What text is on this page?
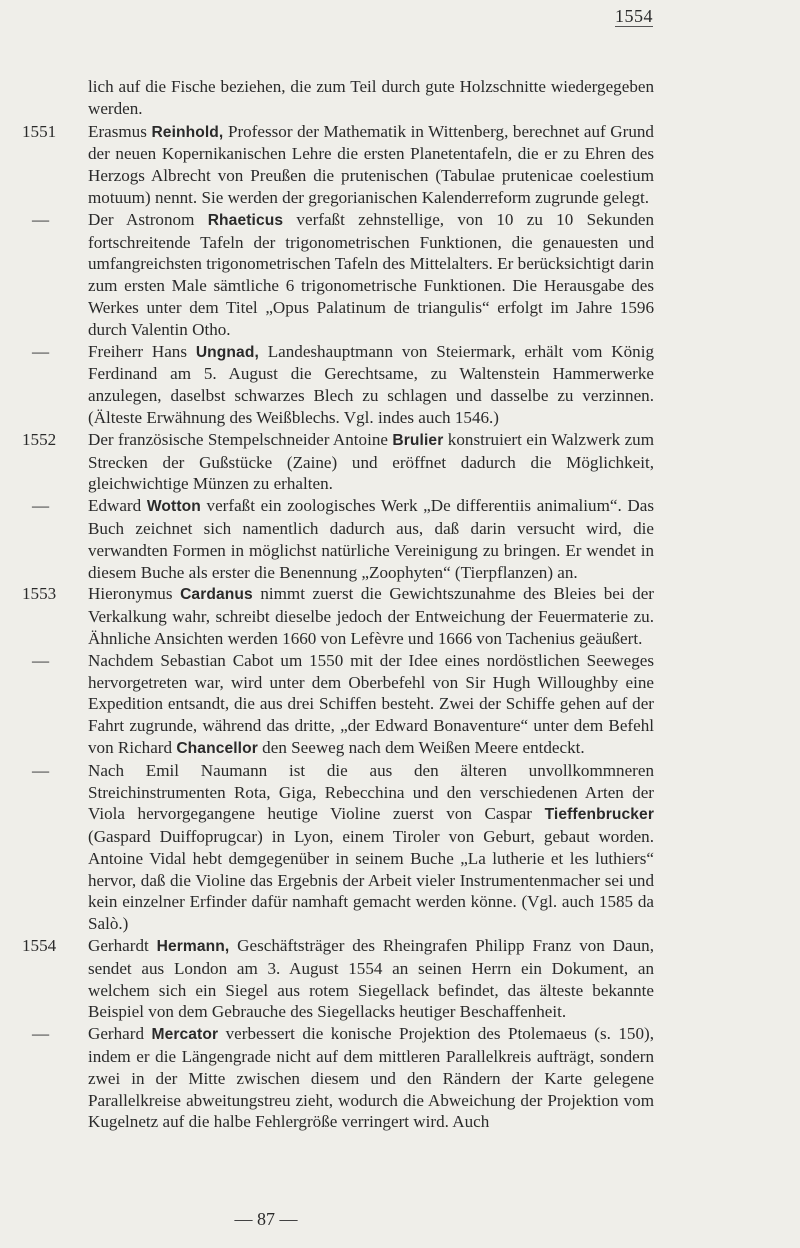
1554

lich auf die Fische beziehen, die zum Teil durch gute Holzschnitte wiedergegeben werden.

1551 Erasmus Reinhold, Professor der Mathematik in Wittenberg, berechnet auf Grund der neuen Kopernikanischen Lehre die ersten Planetentafeln, die er zu Ehren des Herzogs Albrecht von Preußen die prutenischen (Tabulae prutenicae coelestium motuum) nennt. Sie werden der gregorianischen Kalenderreform zugrunde gelegt.

— Der Astronom Rhaeticus verfaßt zehnstellige, von 10 zu 10 Sekunden fortschreitende Tafeln der trigonometrischen Funktionen, die genauesten und umfangreichsten trigonometrischen Tafeln des Mittelalters. Er berücksichtigt darin zum ersten Male sämtliche 6 trigonometrische Funktionen. Die Herausgabe des Werkes unter dem Titel „Opus Palatinum de triangulis“ erfolgt im Jahre 1596 durch Valentin Otho.

— Freiherr Hans Ungnad, Landeshauptmann von Steiermark, erhält vom König Ferdinand am 5. August die Gerechtsame, zu Waltenstein Hammerwerke anzulegen, daselbst schwarzes Blech zu schlagen und dasselbe zu verzinnen. (Älteste Erwähnung des Weißblechs. Vgl. indes auch 1546.)

1552 Der französische Stempelschneider Antoine Brulier konstruiert ein Walzwerk zum Strecken der Gußstücke (Zaine) und eröffnet dadurch die Möglichkeit, gleichwichtige Münzen zu erhalten.

— Edward Wotton verfaßt ein zoologisches Werk „De differentiis animalium“. Das Buch zeichnet sich namentlich dadurch aus, daß darin versucht wird, die verwandten Formen in möglichst natürliche Vereinigung zu bringen. Er wendet in diesem Buche als erster die Benennung „Zoophyten“ (Tierpflanzen) an.

1553 Hieronymus Cardanus nimmt zuerst die Gewichtszunahme des Bleies bei der Verkalkung wahr, schreibt dieselbe jedoch der Entweichung der Feuermaterie zu. Ähnliche Ansichten werden 1660 von Lefèvre und 1666 von Tachenius geäußert.

— Nachdem Sebastian Cabot um 1550 mit der Idee eines nordöstlichen Seeweges hervorgetreten war, wird unter dem Oberbefehl von Sir Hugh Willoughby eine Expedition entsandt, die aus drei Schiffen besteht. Zwei der Schiffe gehen auf der Fahrt zugrunde, während das dritte, „der Edward Bonaventure“ unter dem Befehl von Richard Chancellor den Seeweg nach dem Weißen Meere entdeckt.

— Nach Emil Naumann ist die aus den älteren unvollkommneren Streichinstrumenten Rota, Giga, Rebecchina und den verschiedenen Arten der Viola hervorgegangene heutige Violine zuerst von Caspar Tieffenbrucker (Gaspard Duiffoprugcar) in Lyon, einem Tiroler von Geburt, gebaut worden. Antoine Vidal hebt demgegenüber in seinem Buche „La lutherie et les luthiers“ hervor, daß die Violine das Ergebnis der Arbeit vieler Instrumentenmacher sei und kein einzelner Erfinder dafür namhaft gemacht werden könne. (Vgl. auch 1585 da Salò.)

1554 Gerhardt Hermann, Geschäftsträger des Rheingrafen Philipp Franz von Daun, sendet aus London am 3. August 1554 an seinen Herrn ein Dokument, an welchem sich ein Siegel aus rotem Siegellack befindet, das älteste bekannte Beispiel von dem Gebrauche des Siegellacks heutiger Beschaffenheit.

— Gerhard Mercator verbessert die konische Projektion des Ptolemaeus (s. 150), indem er die Längengrade nicht auf dem mittleren Parallelkreis aufträgt, sondern zwei in der Mitte zwischen diesem und den Rändern der Karte gelegene Parallelkreise abweitungstreu zieht, wodurch die Abweichung der Projektion vom Kugelnetz auf die halbe Fehlergröße verringert wird. Auch

— 87 —
